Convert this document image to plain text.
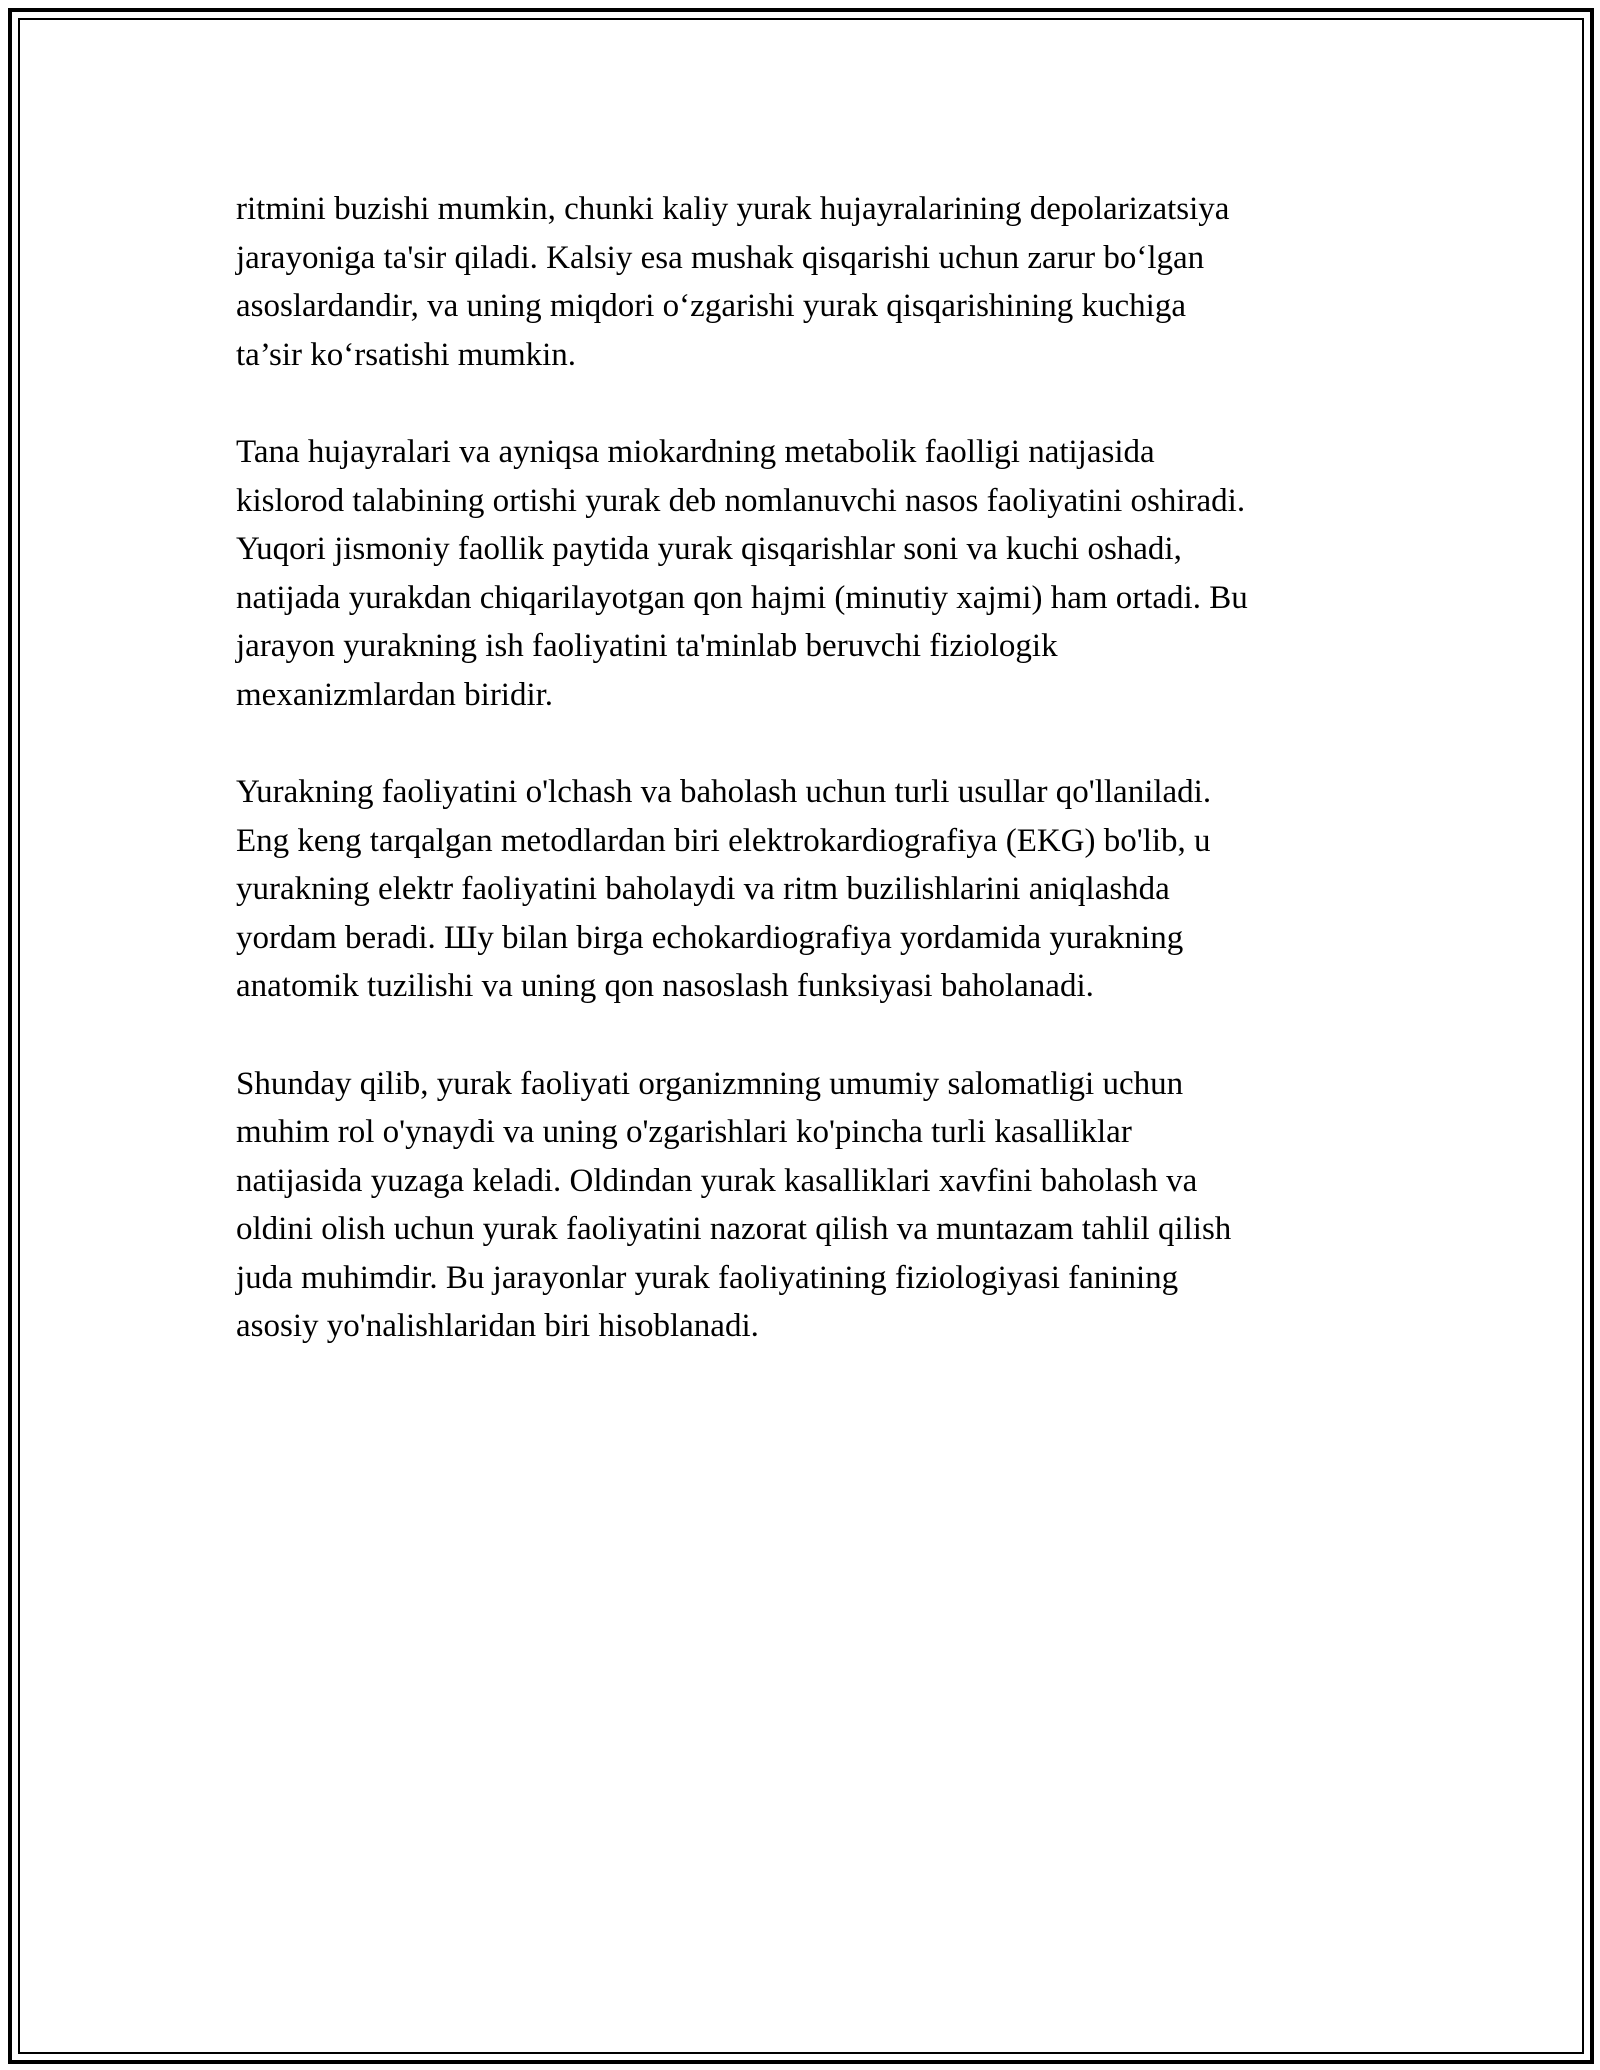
ritmini buzishi mumkin, chunki kaliy yurak hujayralarining depolarizatsiya
jarayoniga ta'sir qiladi. Kalsiy esa mushak qisqarishi uchun zarur bo‘lgan
asoslardandir, va uning miqdori o‘zgarishi yurak qisqarishining kuchiga
ta’sir ko‘rsatishi mumkin.

Tana hujayralari va ayniqsa miokardning metabolik faolligi natijasida
kislorod talabining ortishi yurak deb nomlanuvchi nasos faoliyatini oshiradi.
Yuqori jismoniy faollik paytida yurak qisqarishlar soni va kuchi oshadi,
natijada yurakdan chiqarilayotgan qon hajmi (minutiy xajmi) ham ortadi. Bu
jarayon yurakning ish faoliyatini ta'minlab beruvchi fiziologik
mexanizmlardan biridir.

Yurakning faoliyatini o'lchash va baholash uchun turli usullar qo'llaniladi.
Eng keng tarqalgan metodlardan biri elektrokardiografiya (EKG) bo'lib, u
yurakning elektr faoliyatini baholaydi va ritm buzilishlarini aniqlashda
yordam beradi. Шу bilan birga echokardiografiya yordamida yurakning
anatomik tuzilishi va uning qon nasoslash funksiyasi baholanadi.

Shunday qilib, yurak faoliyati organizmning umumiy salomatligi uchun
muhim rol o'ynaydi va uning o'zgarishlari ko'pincha turli kasalliklar
natijasida yuzaga keladi. Oldindan yurak kasalliklari xavfini baholash va
oldini olish uchun yurak faoliyatini nazorat qilish va muntazam tahlil qilish
juda muhimdir. Bu jarayonlar yurak faoliyatining fiziologiyasi fanining
asosiy yo'nalishlaridan biri hisoblanadi.
